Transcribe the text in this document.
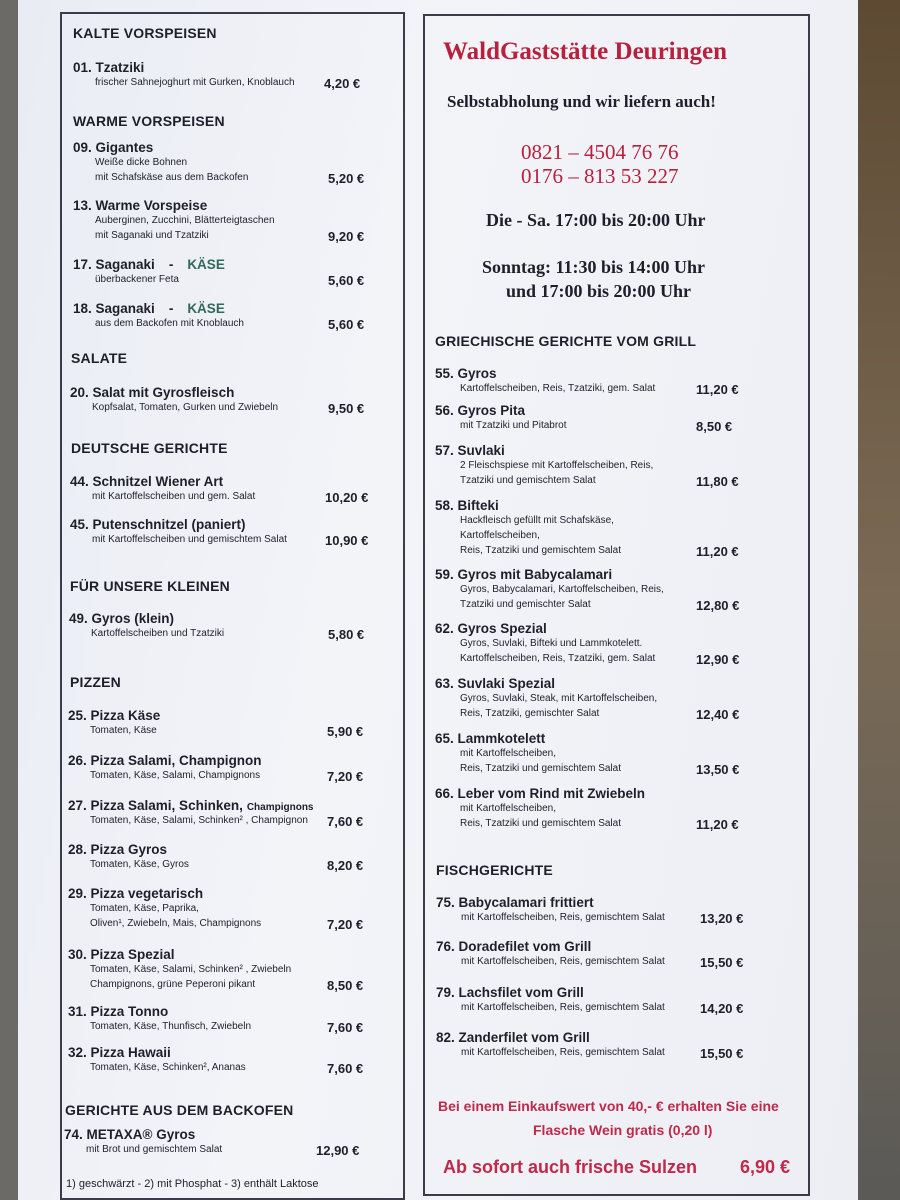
WaldGaststätte Deuringen
Selbstabholung und wir liefern auch!
0821 – 4504 76 76
0176 – 813 53 227
Die - Sa. 17:00 bis 20:00 Uhr
Sonntag: 11:30 bis 14:00 Uhr
und 17:00 bis 20:00 Uhr
KALTE VORSPEISEN
WARME VORSPEISEN
SALATE
DEUTSCHE GERICHTE
FÜR UNSERE KLEINEN
PIZZEN
GERICHTE AUS DEM BACKOFEN
1) geschwärzt - 2) mit Phosphat - 3) enthält Laktose
GRIECHISCHE GERICHTE VOM GRILL
FISCHGERICHTE
Bei einem Einkaufswert von 40,- € erhalten Sie eine
Flasche Wein gratis (0,20 l)
Ab sofort auch frische Sulzen 6,90 €
01. Tzatziki
frischer Sahnejoghurt mit Gurken, Knoblauch 4,20 €
09. Gigantes
Weiße dicke Bohnen
mit Schafskäse aus dem Backofen	5,20 €
13. Warme Vorspeise
Auberginen, Zucchini, Blätterteigtaschen
mit Saganaki und Tzatziki	9,20 €
17. Saganaki - KÄSE
überbackener Feta	5,60 €
18. Saganaki - KÄSE
aus dem Backofen mit Knoblauch	5,60 €
20. Salat mit Gyrosfleisch
Kopfsalat, Tomaten, Gurken und Zwiebeln	9,50 €
44. Schnitzel Wiener Art
mit Kartoffelscheiben und gem. Salat	10,20 €
45. Putenschnitzel (paniert)
mit Kartoffelscheiben und gemischtem Salat	10,90 €
49. Gyros (klein)
Kartoffelscheiben und Tzatziki	5,80 €
25. Pizza Käse
Tomaten, Käse	5,90 €
26. Pizza Salami, Champignon
Tomaten, Käse, Salami, Champignons	7,20 €
27. Pizza Salami, Schinken, Champignons
Tomaten, Käse, Salami, Schinken² , Champignon	7,60 €
28. Pizza Gyros
Tomaten, Käse, Gyros	8,20 €
29. Pizza vegetarisch
Tomaten, Käse, Paprika,
Oliven¹, Zwiebeln, Mais, Champignons	7,20 €
30. Pizza Spezial
Tomaten, Käse, Salami, Schinken² , Zwiebeln
Champignons, grüne Peperoni pikant	8,50 €
31. Pizza Tonno
Tomaten, Käse, Thunfisch, Zwiebeln	7,60 €
32. Pizza Hawaii
Tomaten, Käse, Schinken², Ananas	7,60 €
74. METAXA® Gyros
mit Brot und gemischtem Salat	12,90 €
55. Gyros
Kartoffelscheiben, Reis, Tzatziki, gem. Salat	11,20 €
56. Gyros Pita
mit Tzatziki und Pitabrot	8,50 €
57. Suvlaki
2 Fleischspiese mit Kartoffelscheiben, Reis,
Tzatziki und gemischtem Salat	11,80 €
58. Bifteki
Hackfleisch gefüllt mit Schafskäse,
Kartoffelscheiben,
Reis, Tzatziki und gemischtem Salat	11,20 €
59. Gyros mit Babycalamari
Gyros, Babycalamari, Kartoffelscheiben, Reis,
Tzatziki und gemischter Salat	12,80 €
62. Gyros Spezial
Gyros, Suvlaki, Bifteki und Lammkotelett.
Kartoffelscheiben, Reis, Tzatziki, gem. Salat	12,90 €
63. Suvlaki Spezial
Gyros, Suvlaki, Steak, mit Kartoffelscheiben,
Reis, Tzatziki, gemischter Salat	12,40 €
65. Lammkotelett
mit Kartoffelscheiben,
Reis, Tzatziki und gemischtem Salat	13,50 €
66. Leber vom Rind mit Zwiebeln
mit Kartoffelscheiben,
Reis, Tzatziki und gemischtem Salat	11,20 €
75. Babycalamari frittiert
mit Kartoffelscheiben, Reis, gemischtem Salat	13,20 €
76. Doradefilet vom Grill
mit Kartoffelscheiben, Reis, gemischtem Salat	15,50 €
79. Lachsfilet vom Grill
mit Kartoffelscheiben, Reis, gemischtem Salat	14,20 €
82. Zanderfilet vom Grill
mit Kartoffelscheiben, Reis, gemischtem Salat	15,50 €
